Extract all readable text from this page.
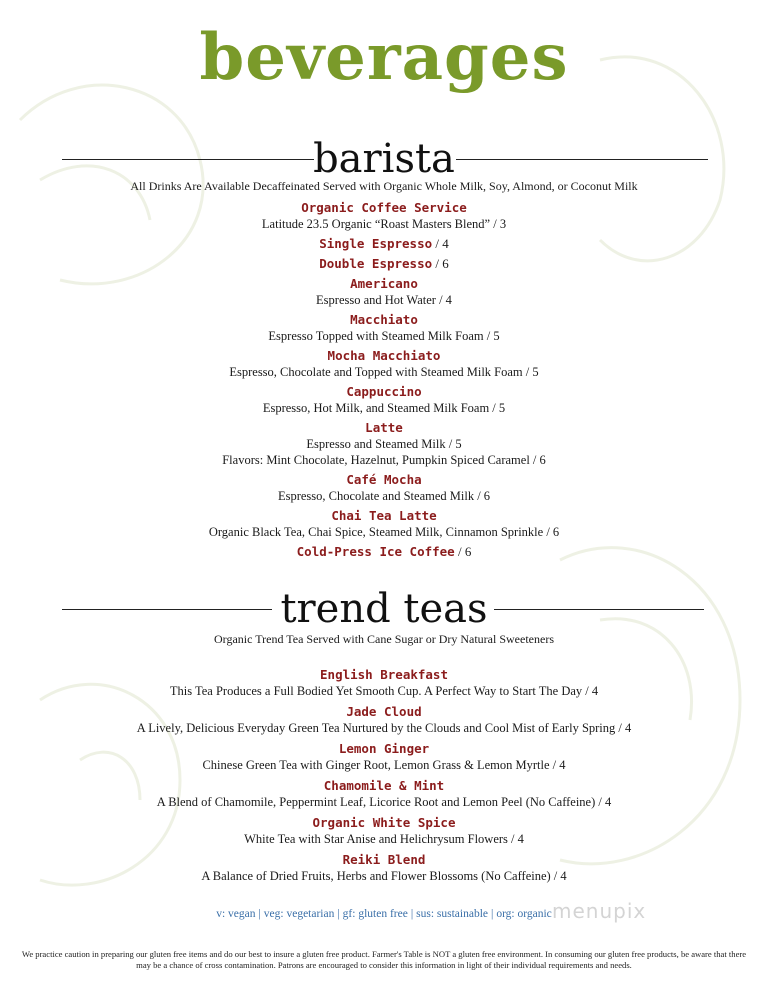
beverages
barista
All Drinks Are Available Decaffeinated Served with Organic Whole Milk, Soy, Almond, or Coconut Milk
Organic Coffee Service
Latitude 23.5 Organic “Roast Masters Blend” / 3
Single Espresso / 4
Double Espresso / 6
Americano
Espresso and Hot Water / 4
Macchiato
Espresso Topped with Steamed Milk Foam / 5
Mocha Macchiato
Espresso, Chocolate and Topped with Steamed Milk Foam / 5
Cappuccino
Espresso, Hot Milk, and Steamed Milk Foam / 5
Latte
Espresso and Steamed Milk / 5
Flavors: Mint Chocolate, Hazelnut, Pumpkin Spiced Caramel / 6
Café Mocha
Espresso, Chocolate and Steamed Milk / 6
Chai Tea Latte
Organic Black Tea, Chai Spice, Steamed Milk, Cinnamon Sprinkle / 6
Cold-Press Ice Coffee / 6
trend teas
Organic Trend Tea Served with Cane Sugar or Dry Natural Sweeteners
English Breakfast
This Tea Produces a Full Bodied Yet Smooth Cup. A Perfect Way to Start The Day / 4
Jade Cloud
A Lively, Delicious Everyday Green Tea Nurtured by the Clouds and Cool Mist of Early Spring / 4
Lemon Ginger
Chinese Green Tea with Ginger Root, Lemon Grass & Lemon Myrtle / 4
Chamomile & Mint
A Blend of Chamomile, Peppermint Leaf, Licorice Root and Lemon Peel (No Caffeine) / 4
Organic White Spice
White Tea with Star Anise and Helichrysum Flowers / 4
Reiki Blend
A Balance of Dried Fruits, Herbs and Flower Blossoms (No Caffeine) / 4
v: vegan | veg: vegetarian | gf: gluten free | sus: sustainable | org: organic menupix
We practice caution in preparing our gluten free items and do our best to insure a gluten free product. Farmer's Table is NOT a gluten free environment. In consuming our gluten free products, be aware that there may be a chance of cross contamination. Patrons are encouraged to consider this information in light of their individual requirements and needs.
